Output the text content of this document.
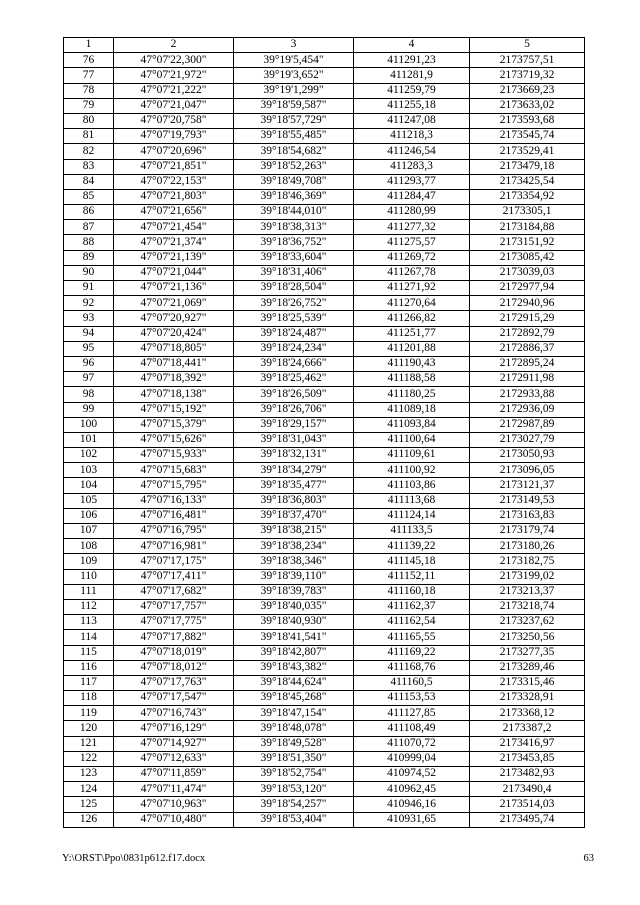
1	2	3	4	5
76	47°07'22,300"	39°19'5,454"	411291,23	2173757,51
77	47°07'21,972"	39°19'3,652"	411281,9	2173719,32
78	47°07'21,222"	39°19'1,299"	411259,79	2173669,23
79	47°07'21,047"	39°18'59,587"	411255,18	2173633,02
80	47°07'20,758"	39°18'57,729"	411247,08	2173593,68
81	47°07'19,793"	39°18'55,485"	411218,3	2173545,74
82	47°07'20,696"	39°18'54,682"	411246,54	2173529,41
83	47°07'21,851"	39°18'52,263"	411283,3	2173479,18
84	47°07'22,153"	39°18'49,708"	411293,77	2173425,54
85	47°07'21,803"	39°18'46,369"	411284,47	2173354,92
86	47°07'21,656"	39°18'44,010"	411280,99	2173305,1
87	47°07'21,454"	39°18'38,313"	411277,32	2173184,88
88	47°07'21,374"	39°18'36,752"	411275,57	2173151,92
89	47°07'21,139"	39°18'33,604"	411269,72	2173085,42
90	47°07'21,044"	39°18'31,406"	411267,78	2173039,03
91	47°07'21,136"	39°18'28,504"	411271,92	2172977,94
92	47°07'21,069"	39°18'26,752"	411270,64	2172940,96
93	47°07'20,927"	39°18'25,539"	411266,82	2172915,29
94	47°07'20,424"	39°18'24,487"	411251,77	2172892,79
95	47°07'18,805"	39°18'24,234"	411201,88	2172886,37
96	47°07'18,441"	39°18'24,666"	411190,43	2172895,24
97	47°07'18,392"	39°18'25,462"	411188,58	2172911,98
98	47°07'18,138"	39°18'26,509"	411180,25	2172933,88
99	47°07'15,192"	39°18'26,706"	411089,18	2172936,09
100	47°07'15,379"	39°18'29,157"	411093,84	2172987,89
101	47°07'15,626"	39°18'31,043"	411100,64	2173027,79
102	47°07'15,933"	39°18'32,131"	411109,61	2173050,93
103	47°07'15,683"	39°18'34,279"	411100,92	2173096,05
104	47°07'15,795"	39°18'35,477"	411103,86	2173121,37
105	47°07'16,133"	39°18'36,803"	411113,68	2173149,53
106	47°07'16,481"	39°18'37,470"	411124,14	2173163,83
107	47°07'16,795"	39°18'38,215"	411133,5	2173179,74
108	47°07'16,981"	39°18'38,234"	411139,22	2173180,26
109	47°07'17,175"	39°18'38,346"	411145,18	2173182,75
110	47°07'17,411"	39°18'39,110"	411152,11	2173199,02
111	47°07'17,682"	39°18'39,783"	411160,18	2173213,37
112	47°07'17,757"	39°18'40,035"	411162,37	2173218,74
113	47°07'17,775"	39°18'40,930"	411162,54	2173237,62
114	47°07'17,882"	39°18'41,541"	411165,55	2173250,56
115	47°07'18,019"	39°18'42,807"	411169,22	2173277,35
116	47°07'18,012"	39°18'43,382"	411168,76	2173289,46
117	47°07'17,763"	39°18'44,624"	411160,5	2173315,46
118	47°07'17,547"	39°18'45,268"	411153,53	2173328,91
119	47°07'16,743"	39°18'47,154"	411127,85	2173368,12
120	47°07'16,129"	39°18'48,078"	411108,49	2173387,2
121	47°07'14,927"	39°18'49,528"	411070,72	2173416,97
122	47°07'12,633"	39°18'51,350"	410999,04	2173453,85
123	47°07'11,859"	39°18'52,754"	410974,52	2173482,93
124	47°07'11,474"	39°18'53,120"	410962,45	2173490,4
125	47°07'10,963"	39°18'54,257"	410946,16	2173514,03
126	47°07'10,480"	39°18'53,404"	410931,65	2173495,74
Y:\ORST\Ppo\0831p612.f17.docx	63
